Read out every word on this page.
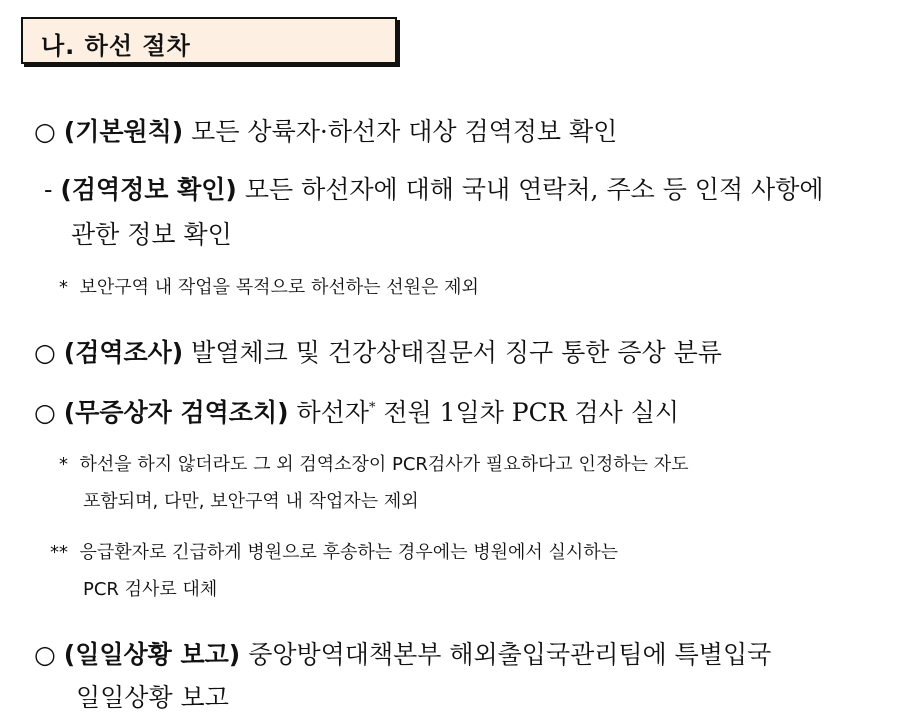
나. 하선 절차
○ (기본원칙) 모든 상륙자·하선자 대상 검역정보 확인
- (검역정보 확인) 모든 하선자에 대해 국내 연락처, 주소 등 인적 사항에
관한 정보 확인
* 보안구역 내 작업을 목적으로 하선하는 선원은 제외
○ (검역조사) 발열체크 및 건강상태질문서 징구 통한 증상 분류
○ (무증상자 검역조치) 하선자* 전원 1일차 PCR 검사 실시
* 하선을 하지 않더라도 그 외 검역소장이 PCR검사가 필요하다고 인정하는 자도
포함되며, 다만, 보안구역 내 작업자는 제외
** 응급환자로 긴급하게 병원으로 후송하는 경우에는 병원에서 실시하는
PCR 검사로 대체
○ (일일상황 보고) 중앙방역대책본부 해외출입국관리팀에 특별입국
일일상황 보고
